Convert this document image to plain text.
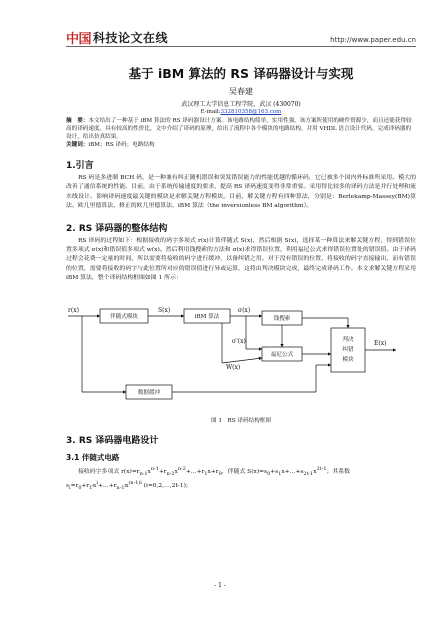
中国 科技论文在线	http://www.paper.edu.cn
基于 iBM 算法的 RS 译码器设计与实现
吴春建
武汉理工大学信息工程学院，武汉 (430070)
E-mail:332810358@163.com
摘　要：本文给出了一种基于 iBM 算法的 RS 译码器设计方案。该电路结构简单，实用性强，该方案所使用的硬件资源少，而且还能获得较高的译码速度，具有较高的性价比。文中介绍了译码的原理，给出了流程中各个模块的电路结构，并用 VHDL 语言设计代码，完成译码器的设计，给出仿真结果。
关键词：iBM；RS 译码；电路结构
1.引言

RS 码是多进制 BCH 码，是一种兼有纠正随机错误和突发错误能力的性能优越的循环码，它已被多个国内外标准所采用。模大的改善了通信系统的性能。目前，由于系统传输速度的要求，提高 RS 译码速度变得非常重要。采用得比较多的译码方法是并行处理和流水线设计。影响译码速度最关键的模块是求解关键方程模块。目前，解关键方程有四种算法，分别是：Berlekamp-Massey(BM)算法、欧几里德算法、修正的欧几里德算法、iBM 算法（the inversionless BM algorithm）。

2. RS 译码器的整体结构

RS 译码的过程如下：根据接收的码字多项式 r(x)计算伴随式 S(x)，然后根据 S(x)，选择某一种算法来解关键方程，得到错误位置多项式 σ(x)和错误值多项式 w(x)。然后利用钱搜索的方法和 σ(x)求得错误位置，利用福尼公式求得错误位置处的错误值。由于译码过程会花费一定量的时间，所以需要将接收的码字进行缓冲，以备纠错之用。对于没有错误的位置，将接收的码字直接输出，而有错误的位置，需要将接收的码字与此位置所对应的错误值进行异或运算，这将由判决模块完成，最终完成译码工作。本文求解关键方程采用 iBM 算法，整个译码结构框图如图 1 所示：

r(x)	S(x)	σ(x)
σ'(x)
W(x)
E(x)
伴随式模块	iBM 算法	钱搜索
福尼公式
判决
纠错
模块
数据缓冲
图 1　RS 译码结构框图
3. RS 译码器电路设计
3.1 伴随式电路
接收码字多项式 $r(x)=r_{n-1}x^{n-1}+r_{n-2}x^{n-2}+\dots+r_1x+r_0$，伴随式 $S(x)=s_0+s_1x+\dots+s_{2t-1}x^{2t-1}$；其系数
$s_i=r_0+r_1\alpha^i+\dots+r_{n-1}\alpha^{(n-1)i}$ (i=0,2,…,2t-1);
- 1 -
